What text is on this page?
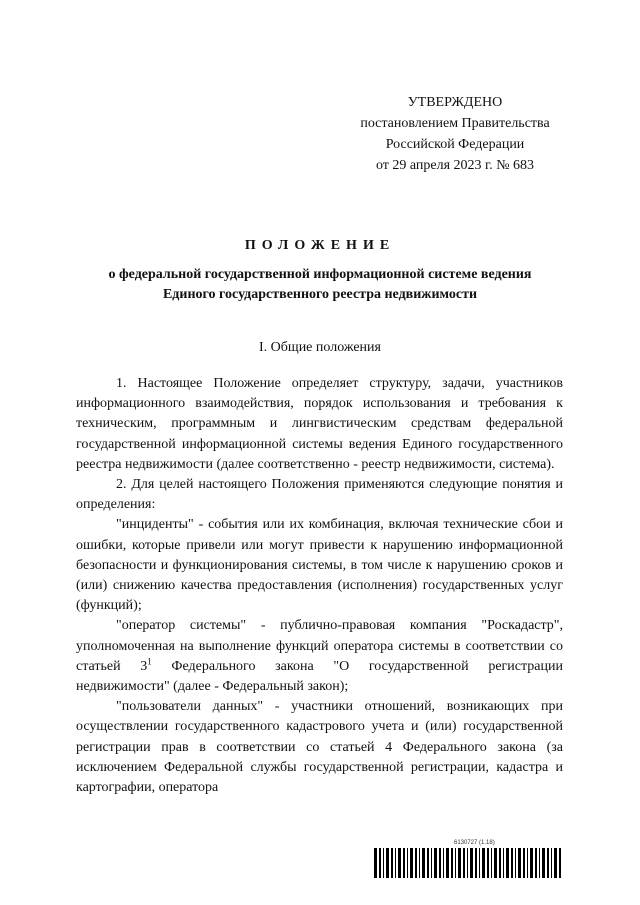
УТВЕРЖДЕНО
постановлением Правительства
Российской Федерации
от 29 апреля 2023 г. № 683
ПОЛОЖЕНИЕ
о федеральной государственной информационной системе ведения
Единого государственного реестра недвижимости
I. Общие положения

1. Настоящее Положение определяет структуру, задачи, участников информационного взаимодействия, порядок использования и требования к техническим, программным и лингвистическим средствам федеральной государственной информационной системы ведения Единого государственного реестра недвижимости (далее соответственно - реестр недвижимости, система).

2. Для целей настоящего Положения применяются следующие понятия и определения:

"инциденты" - события или их комбинация, включая технические сбои и ошибки, которые привели или могут привести к нарушению информационной безопасности и функционирования системы, в том числе к нарушению сроков и (или) снижению качества предоставления (исполнения) государственных услуг (функций);

"оператор системы" - публично-правовая компания "Роскадастр", уполномоченная на выполнение функций оператора системы в соответствии со статьей $3^1$ Федерального закона "О государственной регистрации недвижимости" (далее - Федеральный закон);

"пользователи данных" - участники отношений, возникающих при осуществлении государственного кадастрового учета и (или) государственной регистрации прав в соответствии со статьей 4 Федерального закона (за исключением Федеральной службы государственной регистрации, кадастра и картографии, оператора

6130727 (1.18)
